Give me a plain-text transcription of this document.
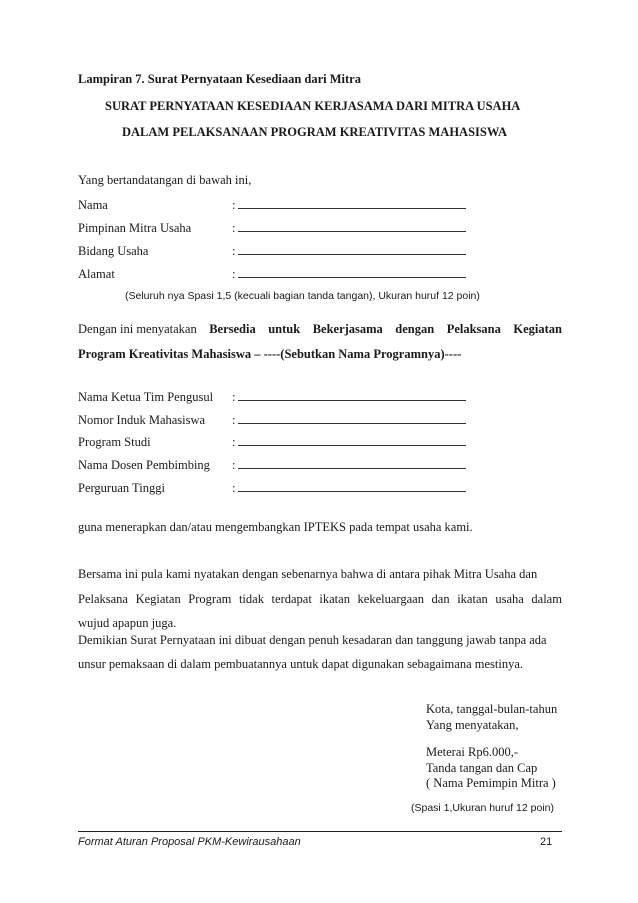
Lampiran 7. Surat Pernyataan Kesediaan dari Mitra
SURAT PERNYATAAN KESEDIAAN KERJASAMA DARI MITRA USAHA
DALAM PELAKSANAAN PROGRAM KREATIVITAS MAHASISWA
Yang bertandatangan di bawah ini,
Nama	:
Pimpinan Mitra Usaha	:
Bidang Usaha	:
Alamat	:
(Seluruh nya Spasi 1,5 (kecuali bagian tanda tangan), Ukuran huruf 12 poin)
Dengan ini menyatakan Bersedia untuk Bekerjasama dengan Pelaksana Kegiatan
Program Kreativitas Mahasiswa – ----(Sebutkan Nama Programnya)----
Nama Ketua Tim Pengusul :
Nomor Induk Mahasiswa :
Program Studi	:
Nama Dosen Pembimbing :
Perguruan Tinggi	:
guna menerapkan dan/atau mengembangkan IPTEKS pada tempat usaha kami.
Bersama ini pula kami nyatakan dengan sebenarnya bahwa di antara pihak Mitra Usaha dan
Pelaksana Kegiatan Program tidak terdapat ikatan kekeluargaan dan ikatan usaha dalam
wujud apapun juga.
Demikian Surat Pernyataan ini dibuat dengan penuh kesadaran dan tanggung jawab tanpa ada
unsur pemaksaan di dalam pembuatannya untuk dapat digunakan sebagaimana mestinya.
Kota, tanggal-bulan-tahun
Yang menyatakan,
Meterai Rp6.000,-
Tanda tangan dan Cap
( Nama Pemimpin Mitra )
(Spasi 1,Ukuran huruf 12 poin)
Format Aturan Proposal PKM-Kewirausahaan	21
